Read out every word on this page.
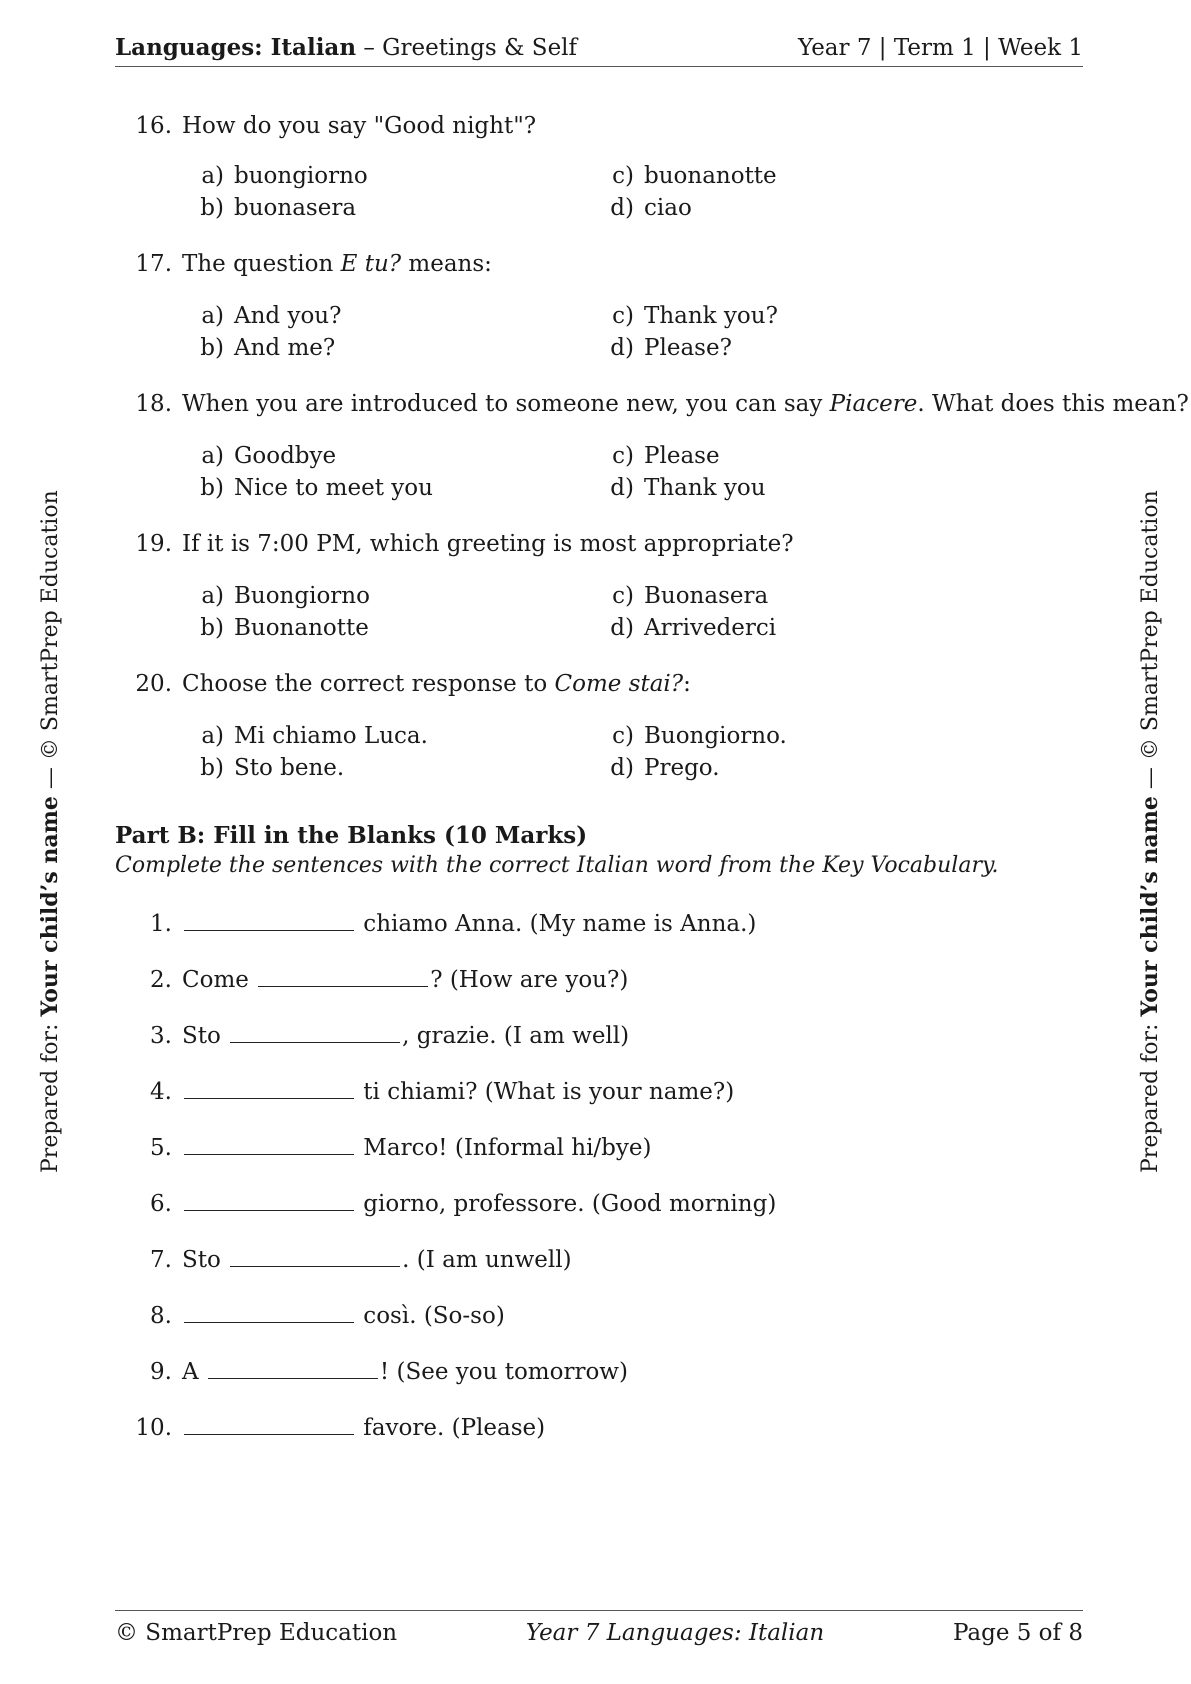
Languages: Italian – Greetings & Self	Year 7 | Term 1 | Week 1
Prepared for: Your child’s name — © SmartPrep Education
Prepared for: Your child’s name — © SmartPrep Education
16. How do you say "Good night"?
a) buongiorno	c) buonanotte
b) buonasera	d) ciao
17. The question E tu? means:
a) And you?	c) Thank you?
b) And me?	d) Please?
18. When you are introduced to someone new, you can say Piacere. What does this mean?
a) Goodbye	c) Please
b) Nice to meet you	d) Thank you
19. If it is 7:00 PM, which greeting is most appropriate?
a) Buongiorno	c) Buonasera
b) Buonanotte	d) Arrivederci
20. Choose the correct response to Come stai?:
a) Mi chiamo Luca.	c) Buongiorno.
b) Sto bene.	d) Prego.
Part B: Fill in the Blanks (10 Marks)
Complete the sentences with the correct Italian word from the Key Vocabulary.
1.	chiamo Anna. (My name is Anna.)
2. Come	? (How are you?)
3. Sto	, grazie. (I am well)
4.	ti chiami? (What is your name?)
5.	Marco! (Informal hi/bye)
6.	giorno, professore. (Good morning)
7. Sto	. (I am unwell)
8.	così. (So-so)
9. A	! (See you tomorrow)
10.	favore. (Please)
© SmartPrep Education	Year 7 Languages: Italian	Page 5 of 8
